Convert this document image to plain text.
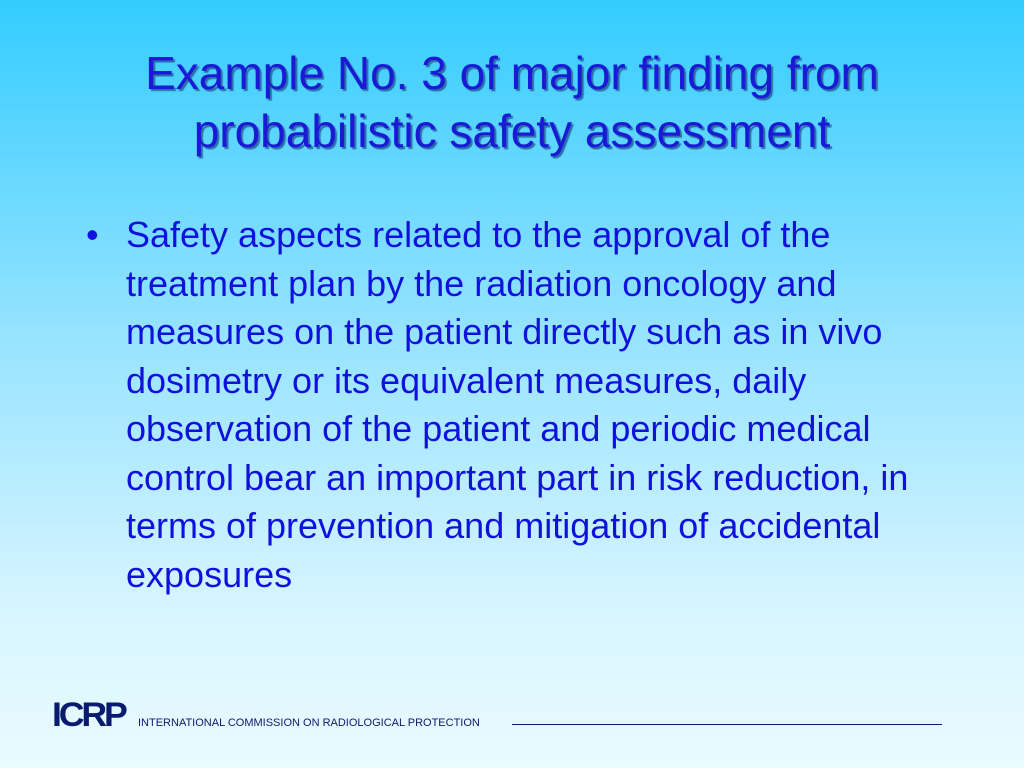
Example No. 3 of major finding from
probabilistic safety assessment
• Safety aspects related to the approval of the treatment plan by the radiation oncology and measures on the patient directly such as in vivo dosimetry or its equivalent measures, daily observation of the patient and periodic medical control bear an important part in risk reduction, in terms of prevention and mitigation of accidental exposures
ICRP INTERNATIONAL COMMISSION ON RADIOLOGICAL PROTECTION
